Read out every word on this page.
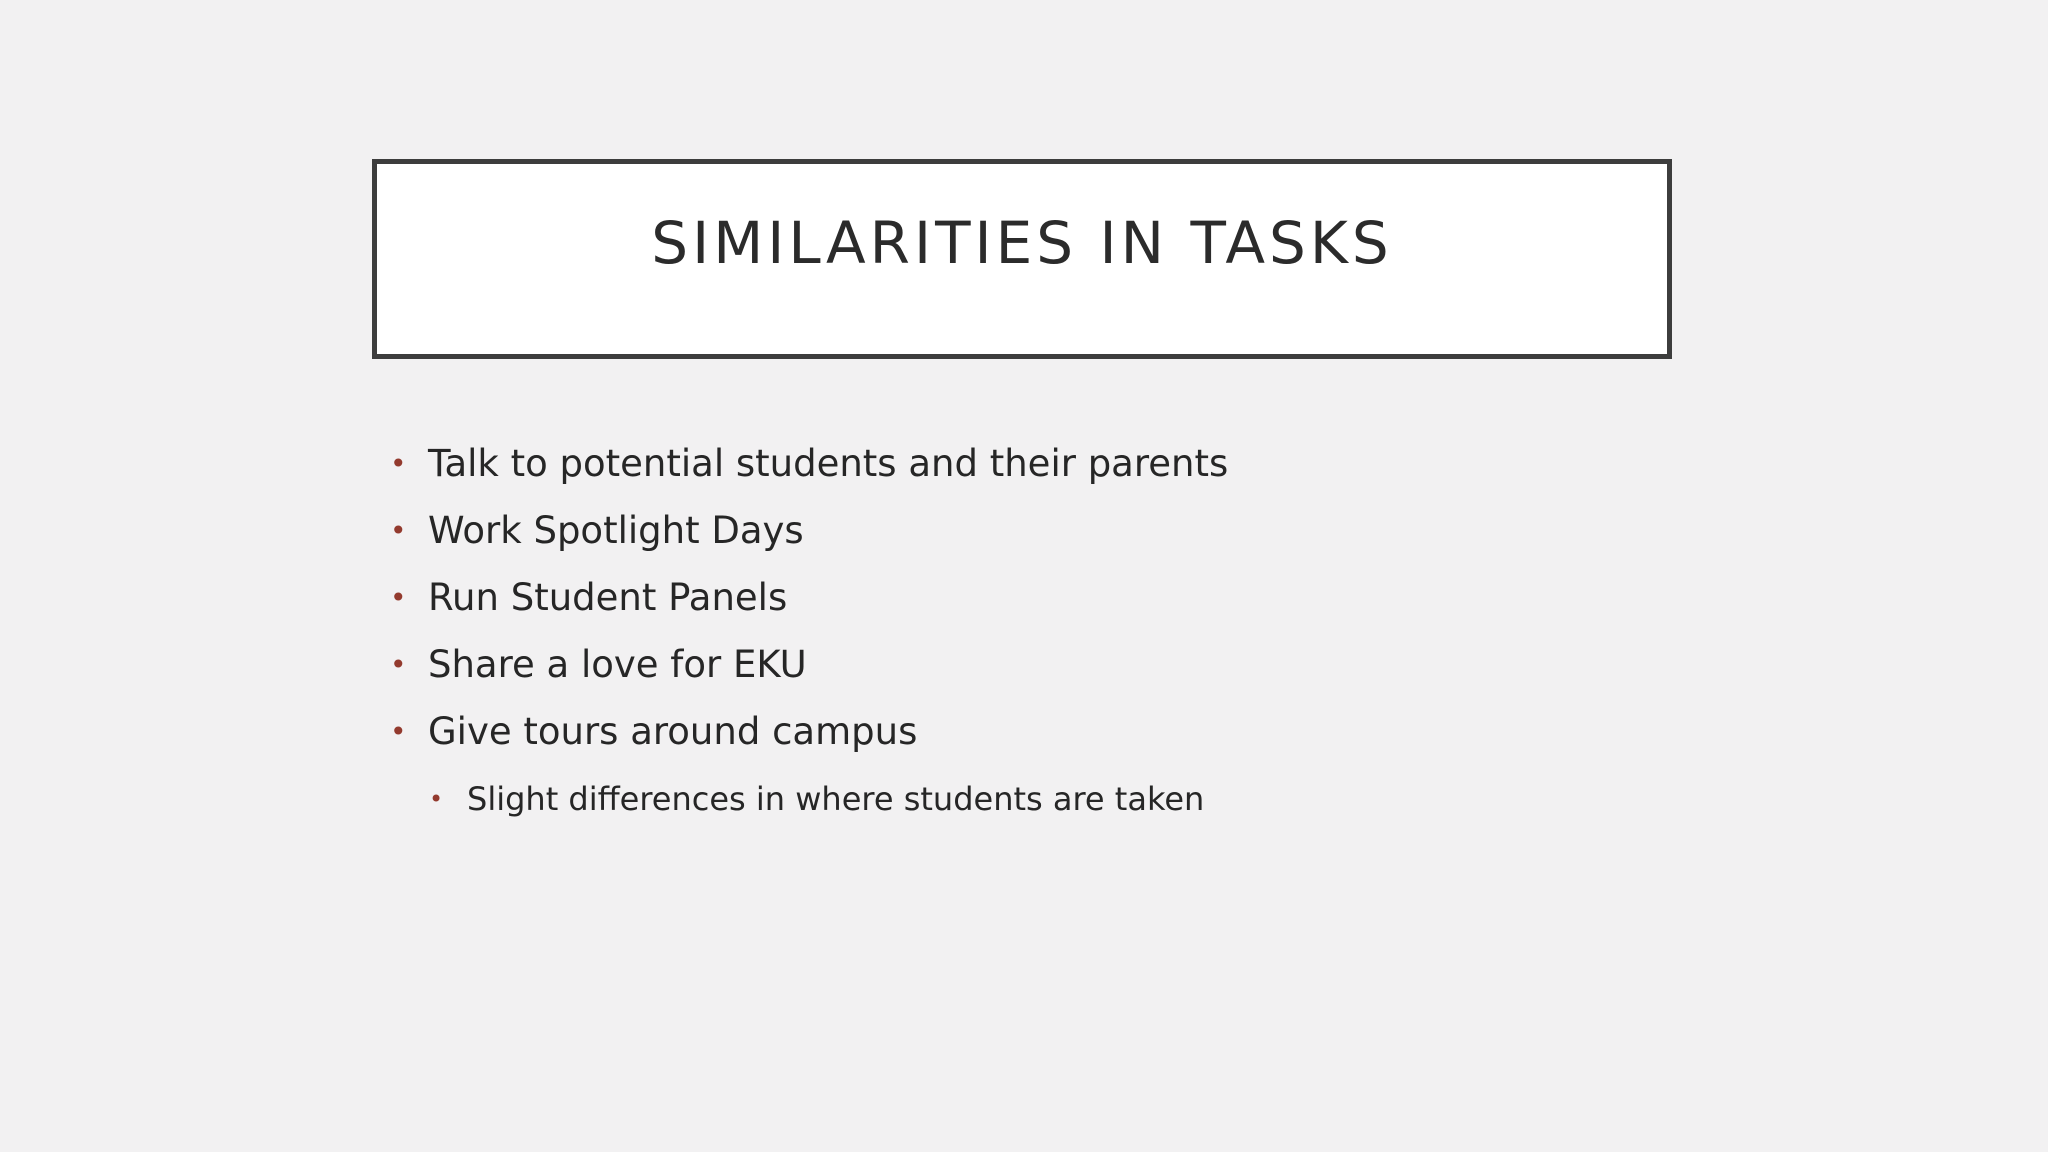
SIMILARITIES IN TASKS
• Talk to potential students and their parents
• Work Spotlight Days
• Run Student Panels
• Share a love for EKU
• Give tours around campus
• Slight differences in where students are taken
